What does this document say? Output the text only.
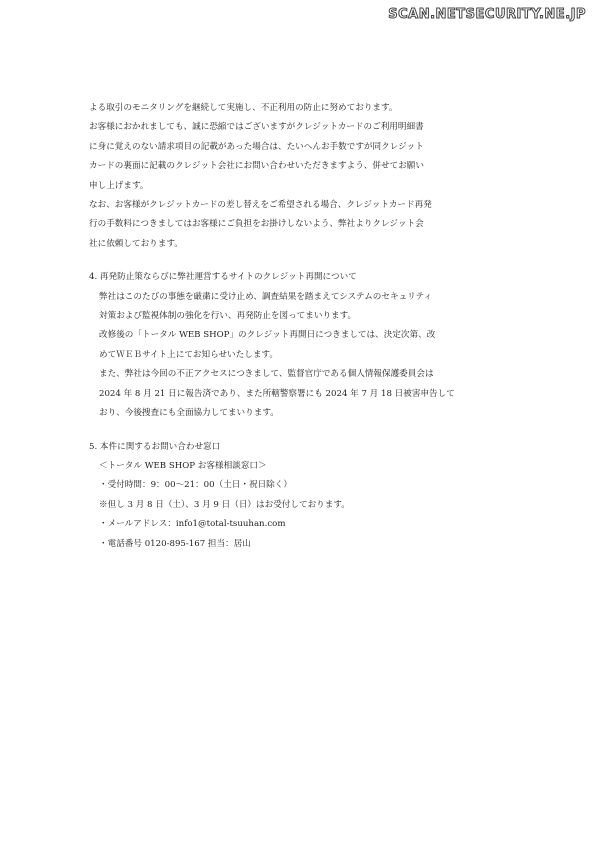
SCAN.NETSECURITY.NE.JP

よる取引のモニタリングを継続して実施し、不正利用の防止に努めております。

お客様におかれましても、誠に恐縮ではございますがクレジットカードのご利用明細書

に身に覚えのない請求項目の記載があった場合は、たいへんお手数ですが同クレジット

カードの裏面に記載のクレジット会社にお問い合わせいただきますよう、併せてお願い

申し上げます。

なお、お客様がクレジットカードの差し替えをご希望される場合、クレジットカード再発

行の手数料につきましてはお客様にご負担をお掛けしないよう、弊社よりクレジット会

社に依頼しております。

4. 再発防止策ならびに弊社運営するサイトのクレジット再開について

弊社はこのたびの事態を厳粛に受け止め、調査結果を踏まえてシステムのセキュリティ

対策および監視体制の強化を行い、再発防止を図ってまいります。

改修後の「トータル WEB SHOP」のクレジット再開日につきましては、決定次第、改

めてＷＥＢサイト上にてお知らせいたします。

また、弊社は今回の不正アクセスにつきまして、監督官庁である個人情報保護委員会は

2024 年 8 月 21 日に報告済であり、また所轄警察署にも 2024 年 7 月 18 日被害申告して

おり、今後捜査にも全面協力してまいります。

5. 本件に関するお問い合わせ窓口

＜トータル WEB SHOP お客様相談窓口＞

・受付時間：9：00〜21：00（土日・祝日除く）

※但し 3 月 8 日（土）、3 月 9 日（日）はお受付しております。

・メールアドレス：info1@total-tsuuhan.com

・電話番号 0120-895-167 担当：居山
